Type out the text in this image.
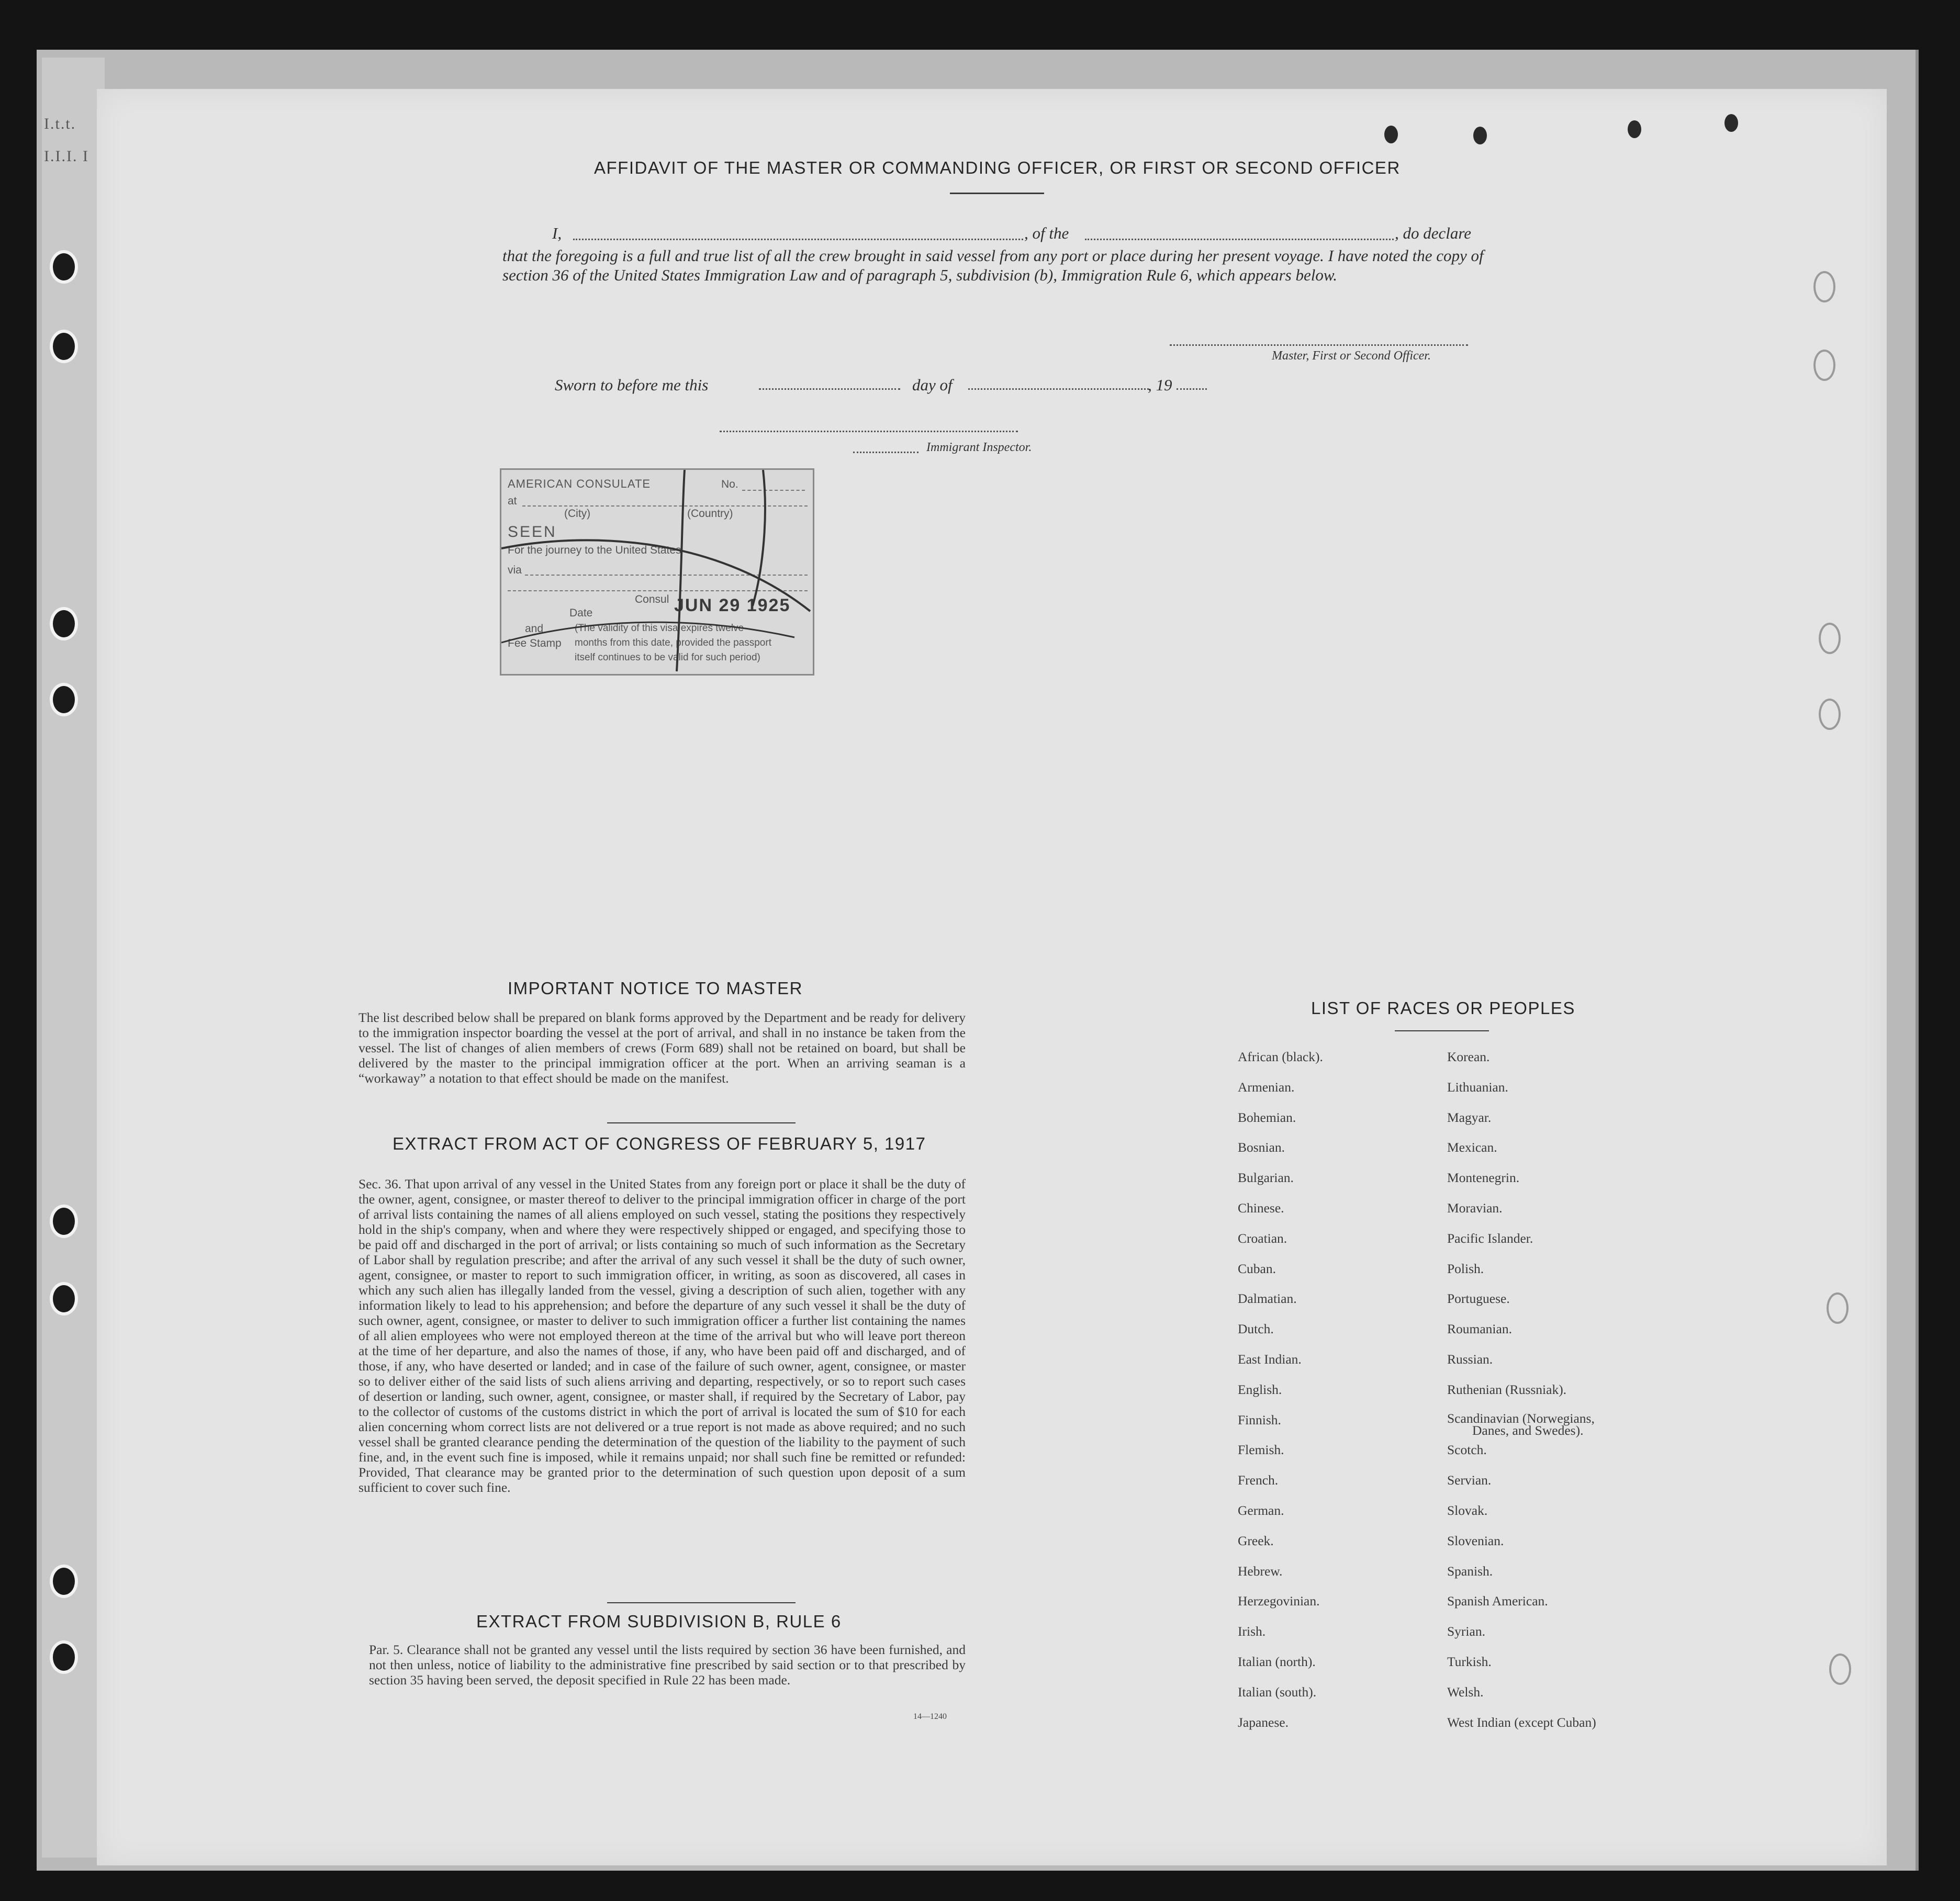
I.t.t.
I.I.I. I
AFFIDAVIT OF THE MASTER OR COMMANDING OFFICER, OR FIRST OR SECOND OFFICER
I,	, of the	, do declare
that the foregoing is a full and true list of all the crew brought in said vessel from any port or place during her present voyage. I have noted the copy of section 36 of the United States Immigration Law and of paragraph 5, subdivision (b), Immigration Rule 6, which appears below.
Master, First or Second Officer.
Sworn to before me this	day of	, 19
Immigrant Inspector.
AMERICAN CONSULATE	No.
at
(City)	(Country)
SEEN
For the journey to the United States
via
Consul
Date	JUN 29 1925
and
Fee Stamp
(The validity of this visa expires twelve
months from this date, provided the passport
itself continues to be valid for such period)
IMPORTANT NOTICE TO MASTER
The list described below shall be prepared on blank forms approved by the Department and be ready for delivery to the immigration inspector boarding the vessel at the port of arrival, and shall in no instance be taken from the vessel. The list of changes of alien members of crews (Form 689) shall not be retained on board, but shall be delivered by the master to the principal immigration officer at the port. When an arriving seaman is a “workaway” a notation to that effect should be made on the manifest.
EXTRACT FROM ACT OF CONGRESS OF FEBRUARY 5, 1917
Sec. 36. That upon arrival of any vessel in the United States from any foreign port or place it shall be the duty of the owner, agent, consignee, or master thereof to deliver to the principal immigration officer in charge of the port of arrival lists containing the names of all aliens employed on such vessel, stating the positions they respectively hold in the ship's company, when and where they were respectively shipped or engaged, and specifying those to be paid off and discharged in the port of arrival; or lists containing so much of such information as the Secretary of Labor shall by regulation prescribe; and after the arrival of any such vessel it shall be the duty of such owner, agent, consignee, or master to report to such immigration officer, in writing, as soon as discovered, all cases in which any such alien has illegally landed from the vessel, giving a description of such alien, together with any information likely to lead to his apprehension; and before the departure of any such vessel it shall be the duty of such owner, agent, consignee, or master to deliver to such immigration officer a further list containing the names of all alien employees who were not employed thereon at the time of the arrival but who will leave port thereon at the time of her departure, and also the names of those, if any, who have been paid off and discharged, and of those, if any, who have deserted or landed; and in case of the failure of such owner, agent, consignee, or master so to deliver either of the said lists of such aliens arriving and departing, respectively, or so to report such cases of desertion or landing, such owner, agent, consignee, or master shall, if required by the Secretary of Labor, pay to the collector of customs of the customs district in which the port of arrival is located the sum of $10 for each alien concerning whom correct lists are not delivered or a true report is not made as above required; and no such vessel shall be granted clearance pending the determination of the question of the liability to the payment of such fine, and, in the event such fine is imposed, while it remains unpaid; nor shall such fine be remitted or refunded: Provided, That clearance may be granted prior to the determination of such question upon deposit of a sum sufficient to cover such fine.
EXTRACT FROM SUBDIVISION B, RULE 6
Par. 5. Clearance shall not be granted any vessel until the lists required by section 36 have been furnished, and not then unless, notice of liability to the administrative fine prescribed by said section or to that prescribed by section 35 having been served, the deposit specified in Rule 22 has been made.
14—1240
LIST OF RACES OR PEOPLES
African (black).
Armenian.
Bohemian.
Bosnian.
Bulgarian.
Chinese.
Croatian.
Cuban.
Dalmatian.
Dutch.
East Indian.
English.
Finnish.
Flemish.
French.
German.
Greek.
Hebrew.
Herzegovinian.
Irish.
Italian (north).
Italian (south).
Japanese.
Korean.
Lithuanian.
Magyar.
Mexican.
Montenegrin.
Moravian.
Pacific Islander.
Polish.
Portuguese.
Roumanian.
Russian.
Ruthenian (Russniak).
Scandinavian (Norwegians,
Danes, and Swedes).
Scotch.
Servian.
Slovak.
Slovenian.
Spanish.
Spanish American.
Syrian.
Turkish.
Welsh.
West Indian (except Cuban)
